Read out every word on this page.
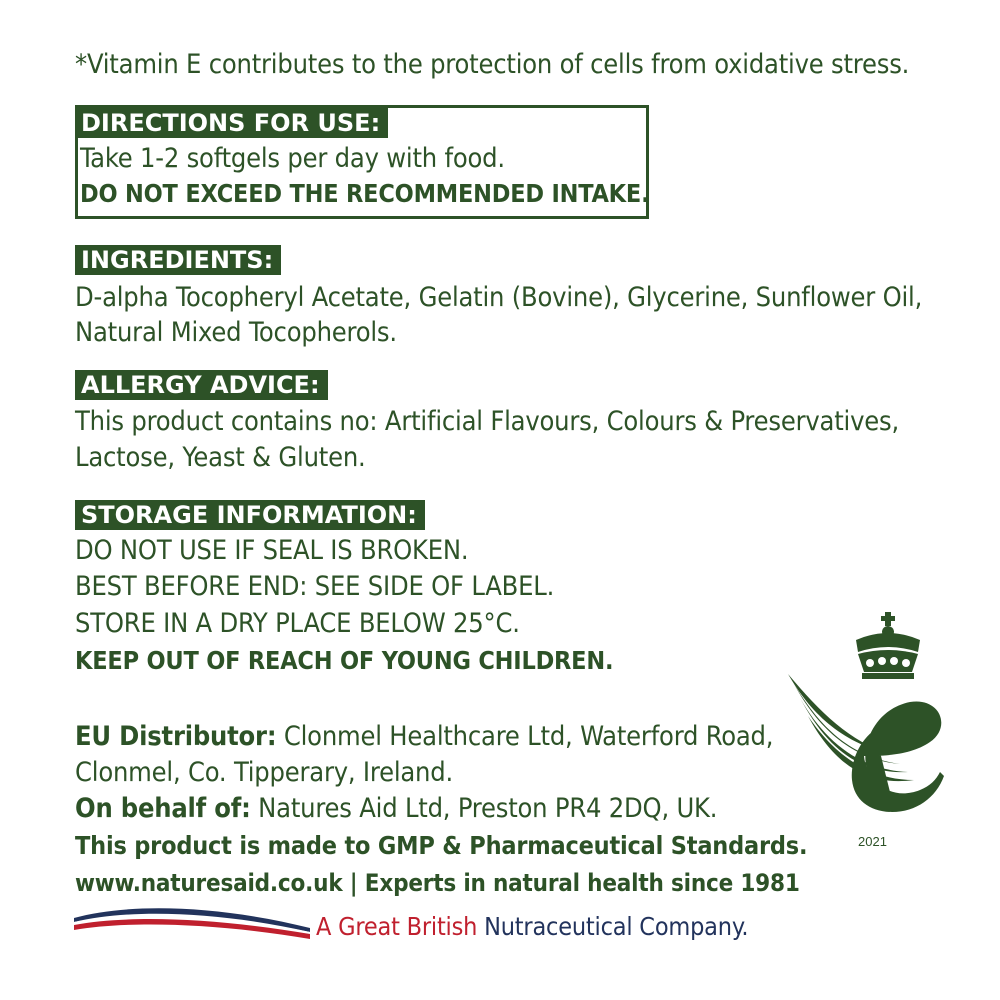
*Vitamin E contributes to the protection of cells from oxidative stress.
DIRECTIONS FOR USE:
Take 1-2 softgels per day with food.
DO NOT EXCEED THE RECOMMENDED INTAKE.
INGREDIENTS:
D-alpha Tocopheryl Acetate, Gelatin (Bovine), Glycerine, Sunflower Oil,
Natural Mixed Tocopherols.
ALLERGY ADVICE:
This product contains no: Artificial Flavours, Colours & Preservatives,
Lactose, Yeast & Gluten.
STORAGE INFORMATION:
DO NOT USE IF SEAL IS BROKEN.
BEST BEFORE END: SEE SIDE OF LABEL.
STORE IN A DRY PLACE BELOW 25°C.
KEEP OUT OF REACH OF YOUNG CHILDREN.
EU Distributor: Clonmel Healthcare Ltd, Waterford Road,
Clonmel, Co. Tipperary, Ireland.
On behalf of: Natures Aid Ltd, Preston PR4 2DQ, UK.
This product is made to GMP & Pharmaceutical Standards.
www.naturesaid.co.uk | Experts in natural health since 1981
A Great British Nutraceutical Company.
2021
